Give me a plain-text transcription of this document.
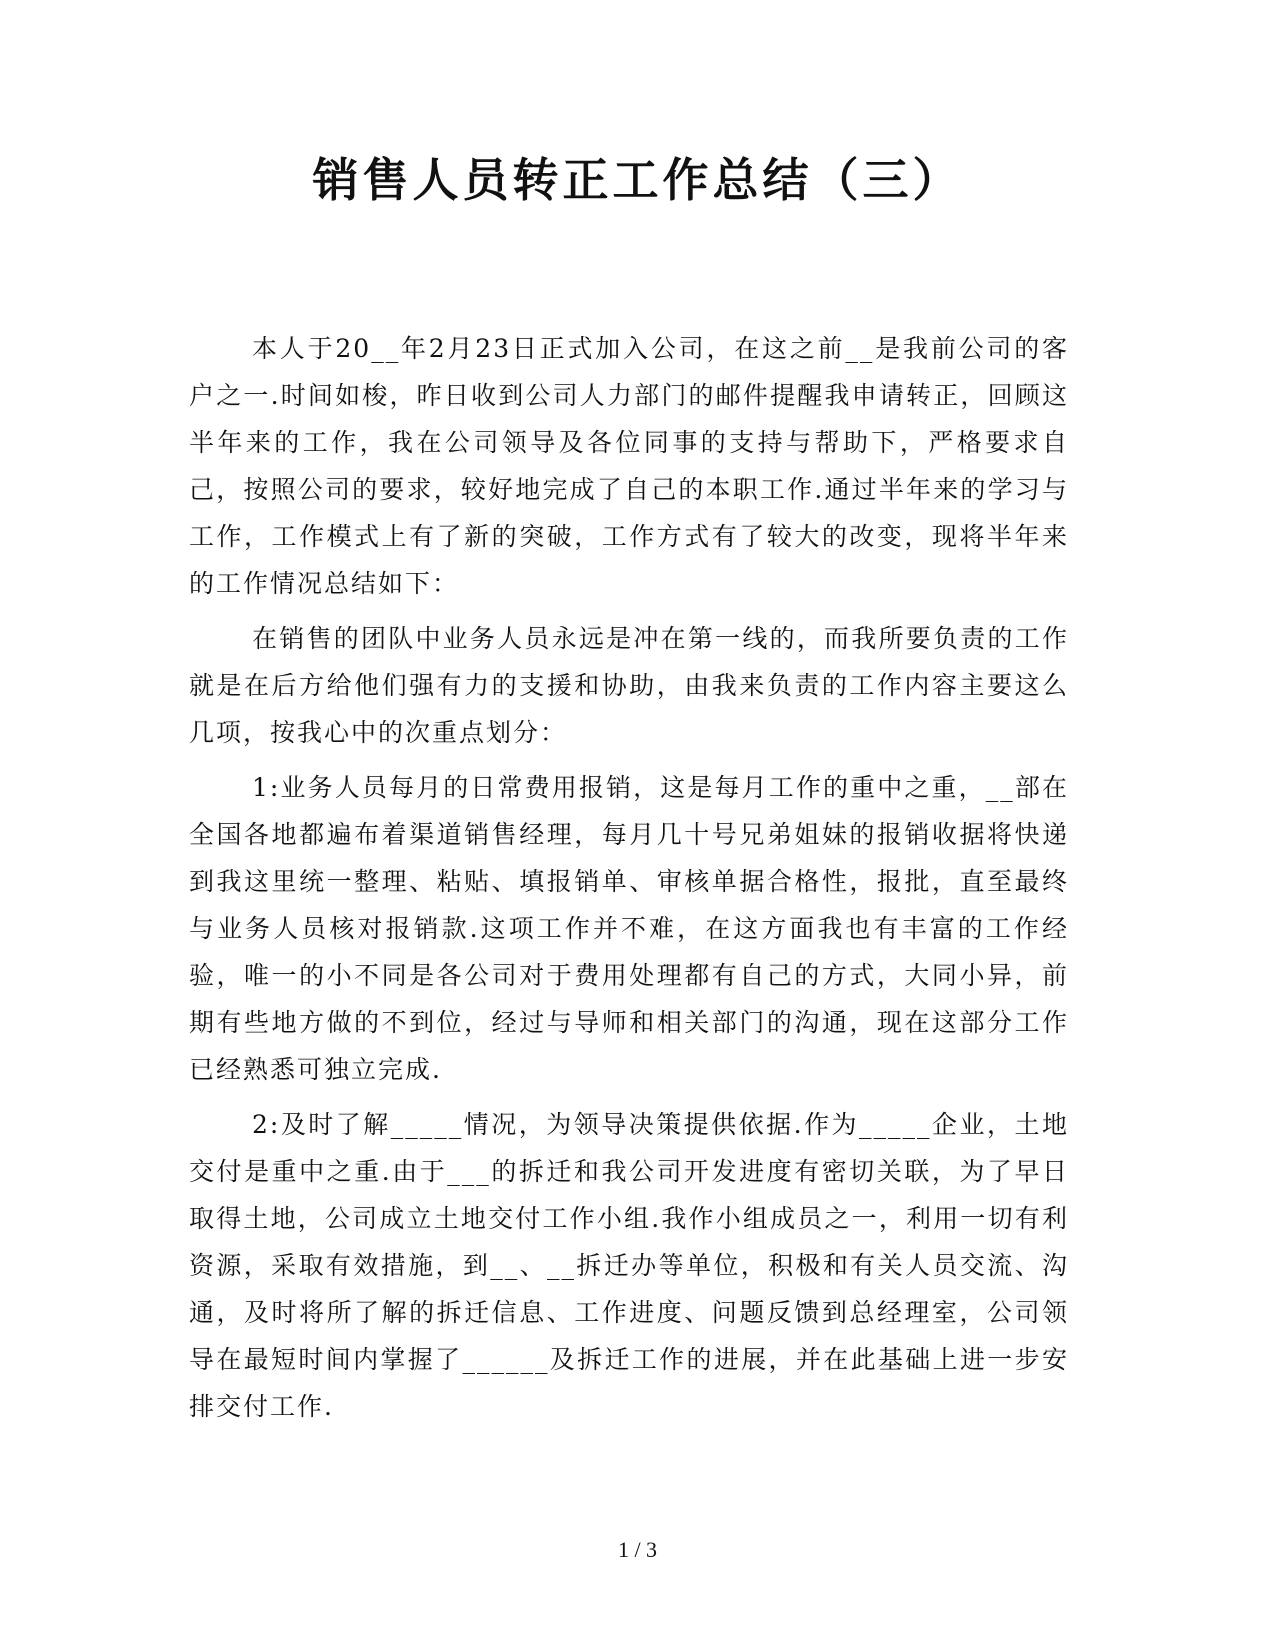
销售人员转正工作总结（三）

本人于20__年2月23日正式加入公司，在这之前__是我前公司的客户之一.时间如梭，昨日收到公司人力部门的邮件提醒我申请转正，回顾这半年来的工作，我在公司领导及各位同事的支持与帮助下，严格要求自己，按照公司的要求，较好地完成了自己的本职工作.通过半年来的学习与工作，工作模式上有了新的突破，工作方式有了较大的改变，现将半年来的工作情况总结如下：

在销售的团队中业务人员永远是冲在第一线的，而我所要负责的工作就是在后方给他们强有力的支援和协助，由我来负责的工作内容主要这么几项，按我心中的次重点划分：

1:业务人员每月的日常费用报销，这是每月工作的重中之重，__部在全国各地都遍布着渠道销售经理，每月几十号兄弟姐妹的报销收据将快递到我这里统一整理、粘贴、填报销单、审核单据合格性，报批，直至最终与业务人员核对报销款.这项工作并不难，在这方面我也有丰富的工作经验，唯一的小不同是各公司对于费用处理都有自己的方式，大同小异，前期有些地方做的不到位，经过与导师和相关部门的沟通，现在这部分工作已经熟悉可独立完成.

2:及时了解_____情况，为领导决策提供依据.作为_____企业，土地交付是重中之重.由于___的拆迁和我公司开发进度有密切关联，为了早日取得土地，公司成立土地交付工作小组.我作小组成员之一，利用一切有利资源，采取有效措施，到__、__拆迁办等单位，积极和有关人员交流、沟通，及时将所了解的拆迁信息、工作进度、问题反馈到总经理室，公司领导在最短时间内掌握了______及拆迁工作的进展，并在此基础上进一步安排交付工作.

1 / 3
